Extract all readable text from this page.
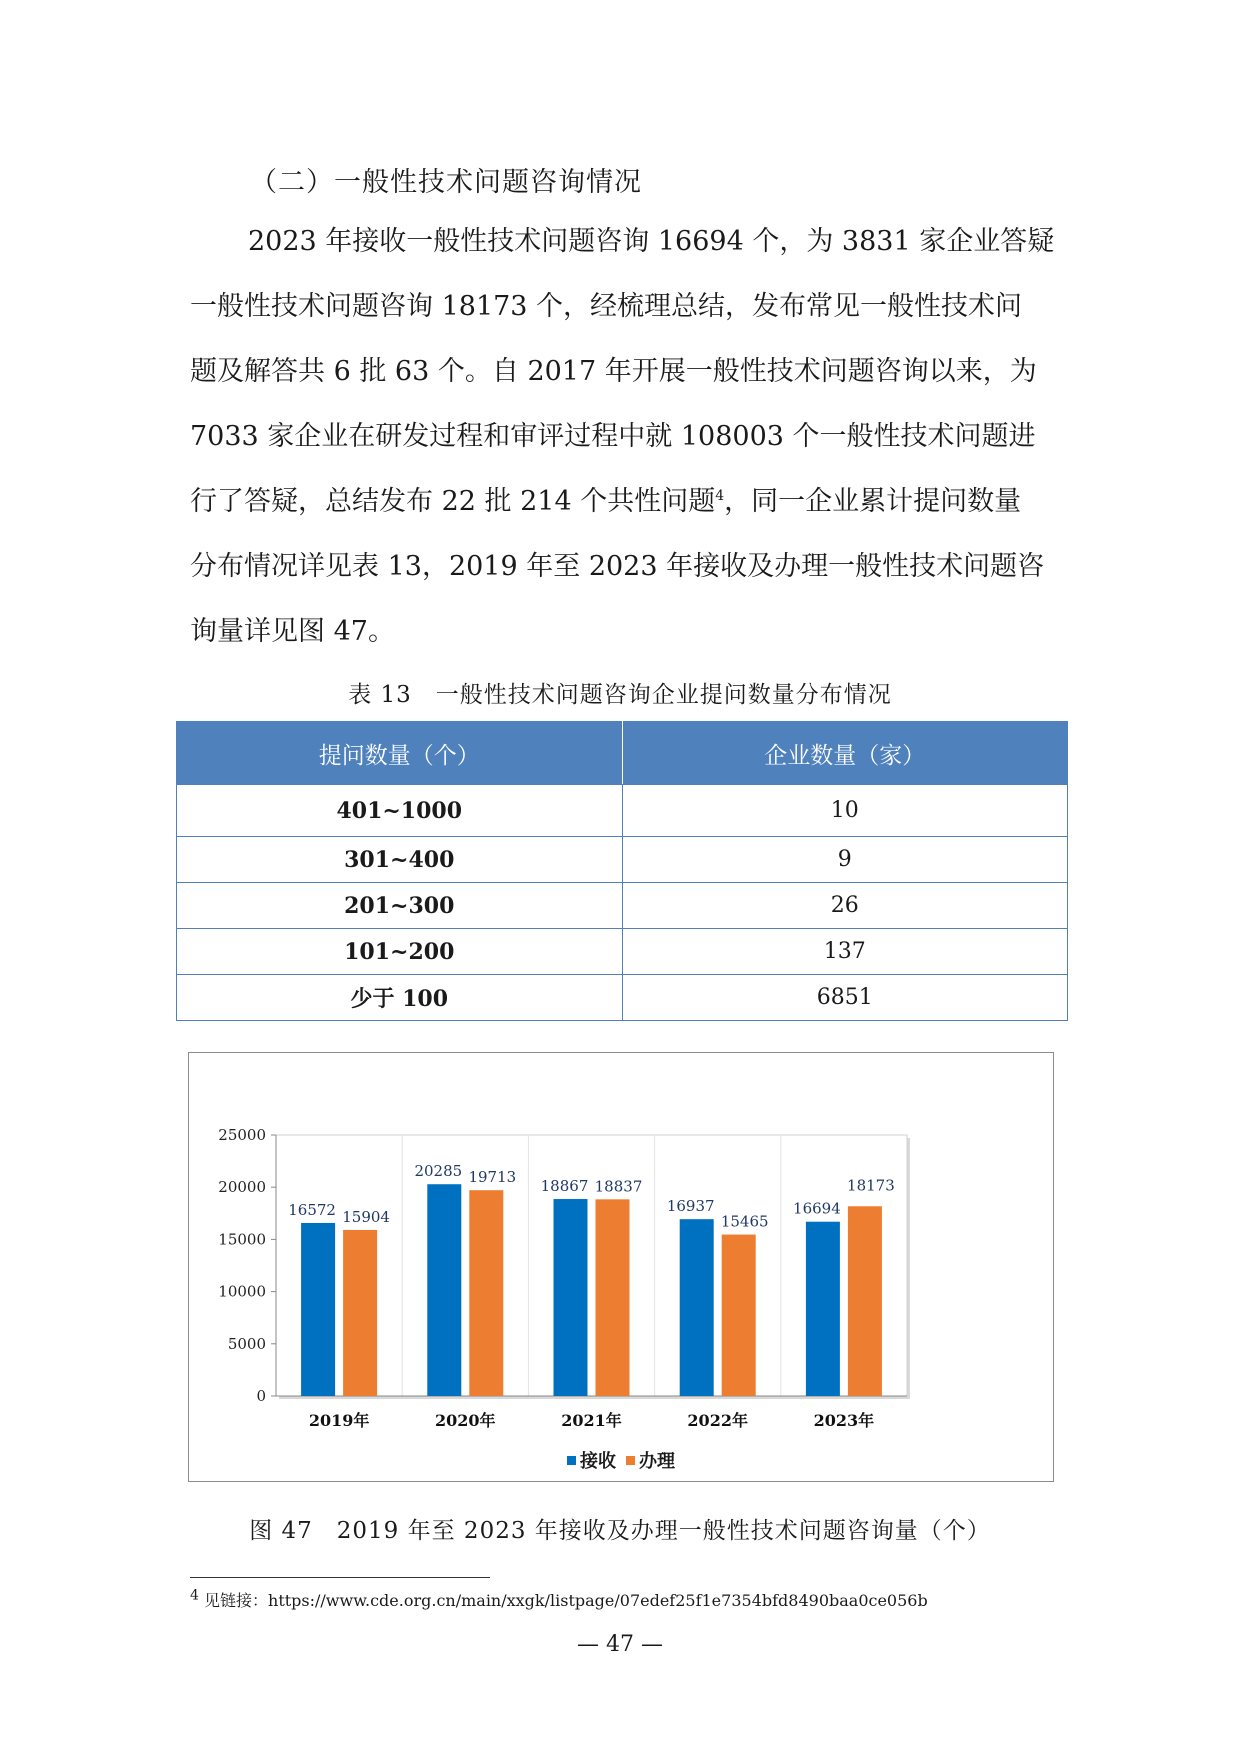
（二）一般性技术问题咨询情况
2023 年接收一般性技术问题咨询 16694 个，为 3831 家企业答疑
一般性技术问题咨询 18173 个，经梳理总结，发布常见一般性技术问
题及解答共 6 批 63 个。自 2017 年开展一般性技术问题咨询以来，为
7033 家企业在研发过程和审评过程中就 108003 个一般性技术问题进
行了答疑，总结发布 22 批 214 个共性问题$^4$，同一企业累计提问数量
分布情况详见表 13，2019 年至 2023 年接收及办理一般性技术问题咨
询量详见图 47。
表 13　一般性技术问题咨询企业提问数量分布情况
提问数量（个）	企业数量（家）
401~1000	10
301~400	9
201~300	26
101~200	137
少于 100	6851
0
5000
10000
15000
20000
25000
16572 15904
2019年
20285 19713
2020年
18867 18837
2021年
16937
15465
2022年
16694
18173
2023年
接收 办理
图 47　2019 年至 2023 年接收及办理一般性技术问题咨询量（个）
$^4$ 见链接：https://www.cde.org.cn/main/xxgk/listpage/07edef25f1e7354bfd8490baa0ce056b
— 47 —
